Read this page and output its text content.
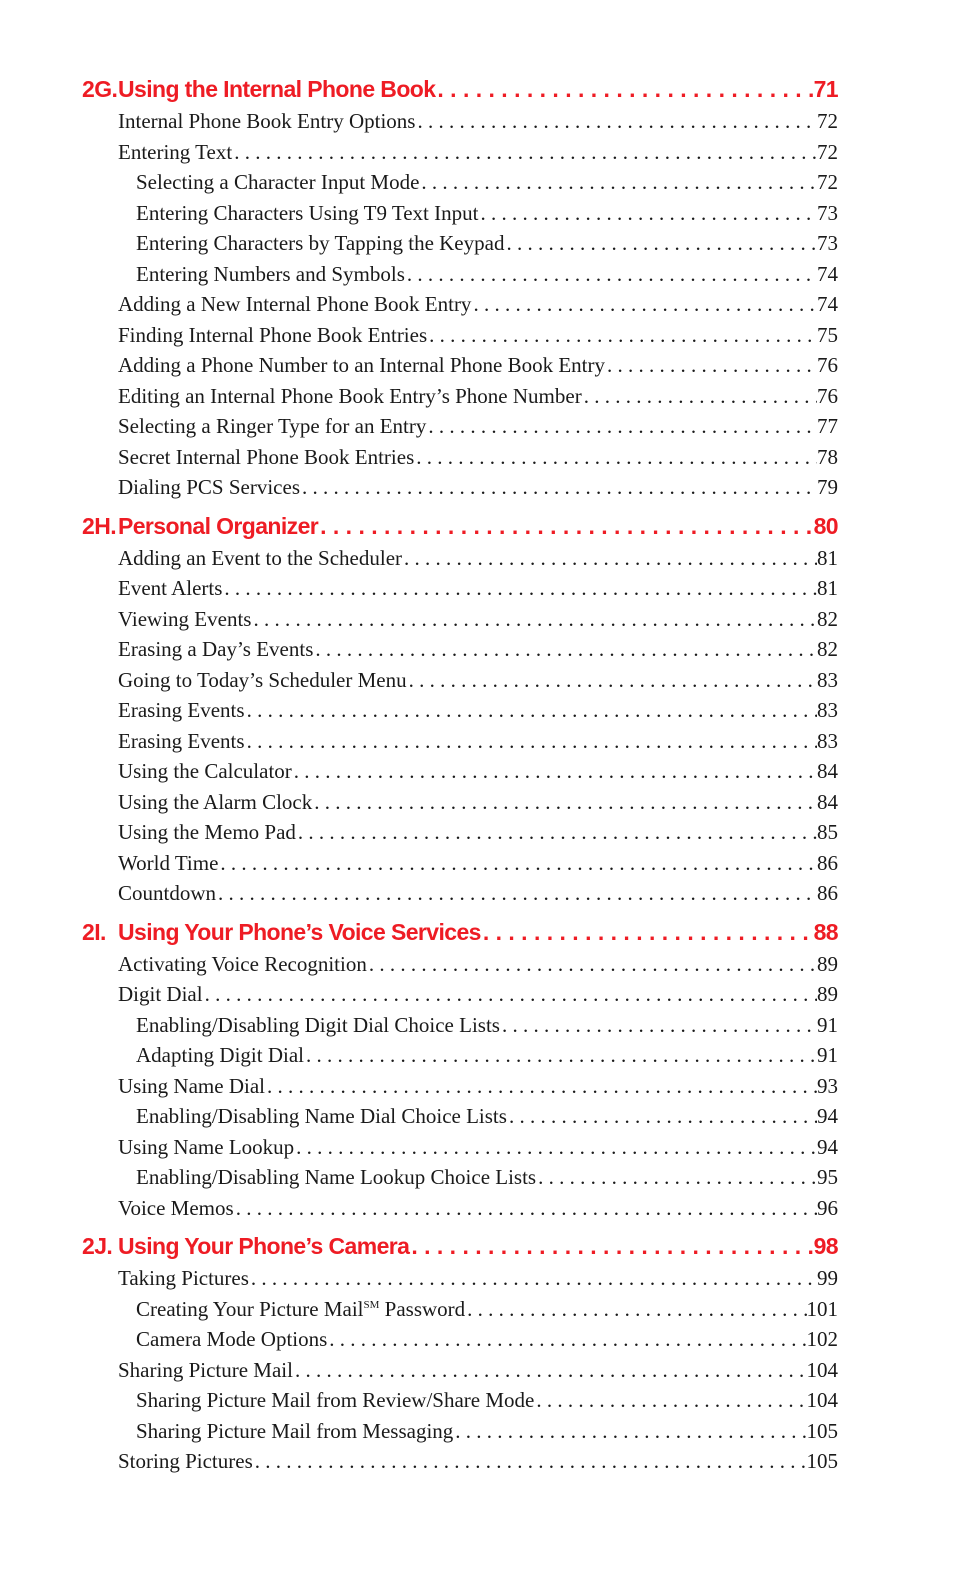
2G.Using the Internal Phone Book . . .	71
Internal Phone Book Entry Options . . .	72
Entering Text . . .	72
Selecting a Character Input Mode . . .	72
Entering Characters Using T9 Text Input . . .	73
Entering Characters by Tapping the Keypad . . .	73
Entering Numbers and Symbols . . .	74
Adding a New Internal Phone Book Entry . . .	74
Finding Internal Phone Book Entries . . .	75
Adding a Phone Number to an Internal Phone Book Entry . . .	76
Editing an Internal Phone Book Entry’s Phone Number . . .	76
Selecting a Ringer Type for an Entry . . .	77
Secret Internal Phone Book Entries . . .	78
Dialing PCS Services . . .	79
2H.Personal Organizer . . .	80
Adding an Event to the Scheduler . . .	81
Event Alerts . . .	81
Viewing Events . . .	82
Erasing a Day’s Events . . .	82
Going to Today’s Scheduler Menu . . .	83
Erasing Events . . .	83
Erasing Events . . .	83
Using the Calculator . . .	84
Using the Alarm Clock . . .	84
Using the Memo Pad . . .	85
World Time . . .	86
Countdown . . .	86
2I. Using Your Phone’s Voice Services . . .	88
Activating Voice Recognition . . .	89
Digit Dial . . .	89
Enabling/Disabling Digit Dial Choice Lists . . .	91
Adapting Digit Dial . . .	91
Using Name Dial . . .	93
Enabling/Disabling Name Dial Choice Lists . . .	94
Using Name Lookup . . .	94
Enabling/Disabling Name Lookup Choice Lists . . .	95
Voice Memos . . .	96
2J. Using Your Phone’s Camera . . .	98
Taking Pictures . . .	99
Creating Your Picture Mail℠ Password . . .	101
Camera Mode Options . . .	102
Sharing Picture Mail . . .	104
Sharing Picture Mail from Review/Share Mode . . .	104
Sharing Picture Mail from Messaging . . .	105
Storing Pictures . . .	105
